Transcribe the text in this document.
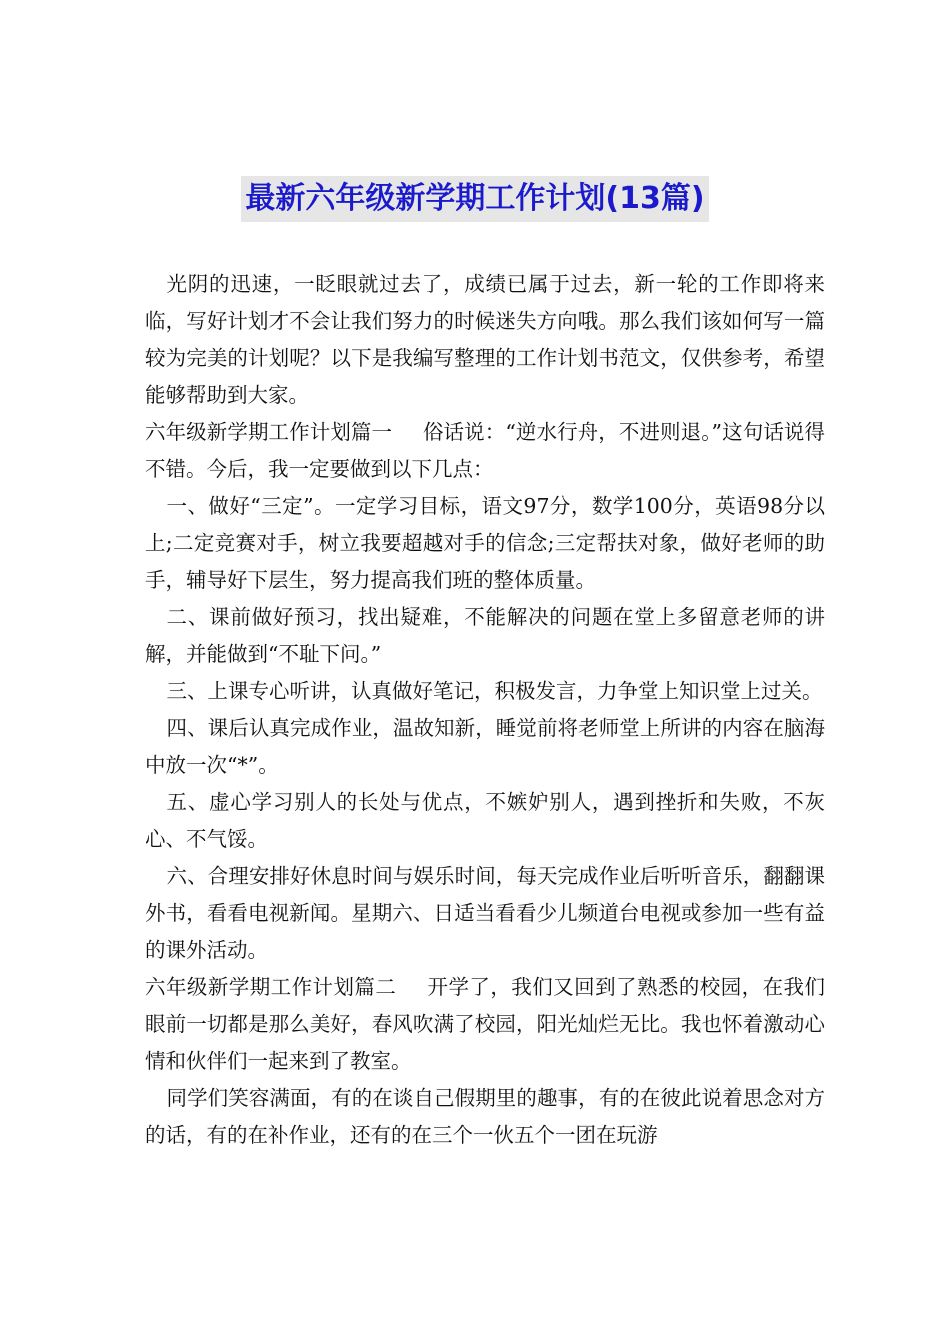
最新六年级新学期工作计划(13篇)

光阴的迅速，一眨眼就过去了，成绩已属于过去，新一轮的工作即将来临，写好计划才不会让我们努力的时候迷失方向哦。那么我们该如何写一篇较为完美的计划呢？以下是我编写整理的工作计划书范文，仅供参考，希望能够帮助到大家。

六年级新学期工作计划篇一 俗话说：“逆水行舟，不进则退。”这句话说得不错。今后，我一定要做到以下几点：

一、做好“三定”。一定学习目标，语文97分，数学100分，英语98分以上;二定竞赛对手，树立我要超越对手的信念;三定帮扶对象，做好老师的助手，辅导好下层生，努力提高我们班的整体质量。

二、课前做好预习，找出疑难，不能解决的问题在堂上多留意老师的讲解，并能做到“不耻下问。”

三、上课专心听讲，认真做好笔记，积极发言，力争堂上知识堂上过关。

四、课后认真完成作业，温故知新，睡觉前将老师堂上所讲的内容在脑海中放一次“*”。

五、虚心学习别人的长处与优点，不嫉妒别人，遇到挫折和失败，不灰心、不气馁。

六、合理安排好休息时间与娱乐时间，每天完成作业后听听音乐，翻翻课外书，看看电视新闻。星期六、日适当看看少儿频道台电视或参加一些有益的课外活动。

六年级新学期工作计划篇二 开学了，我们又回到了熟悉的校园，在我们眼前一切都是那么美好，春风吹满了校园，阳光灿烂无比。我也怀着激动心情和伙伴们一起来到了教室。

同学们笑容满面，有的在谈自己假期里的趣事，有的在彼此说着思念对方的话，有的在补作业，还有的在三个一伙五个一团在玩游
